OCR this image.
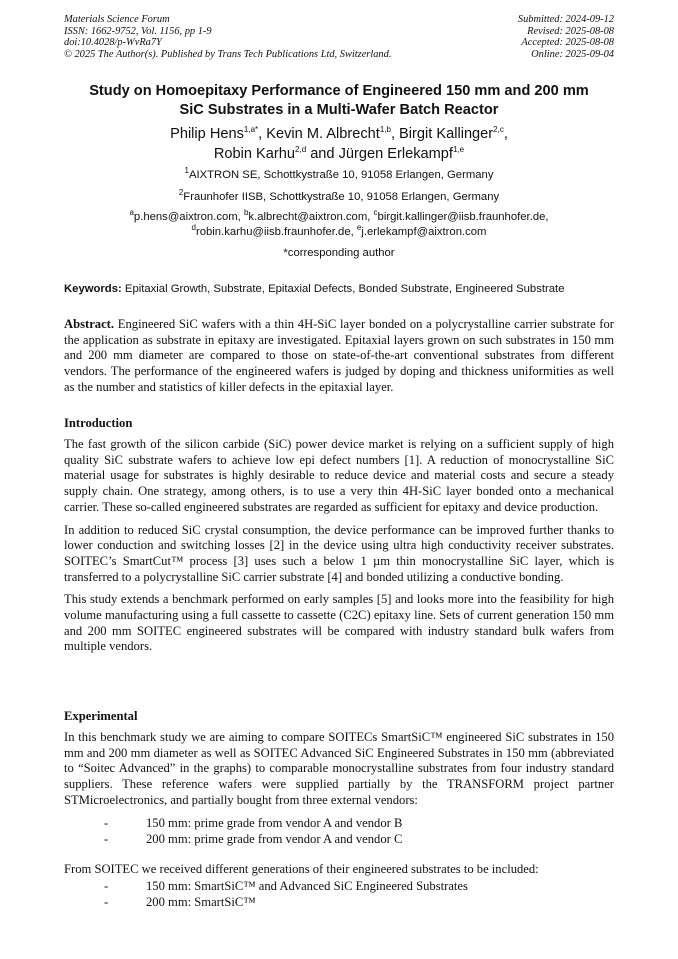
Materials Science Forum
ISSN: 1662-9752, Vol. 1156, pp 1-9
doi:10.4028/p-WvRa7Y
© 2025 The Author(s). Published by Trans Tech Publications Ltd, Switzerland.
Submitted: 2024-09-12
Revised: 2025-08-08
Accepted: 2025-08-08
Online: 2025-09-04
Study on Homoepitaxy Performance of Engineered 150 mm and 200 mm
SiC Substrates in a Multi-Wafer Batch Reactor
Philip Hens$^{1,a*}$, Kevin M. Albrecht$^{1,b}$, Birgit Kallinger$^{2,c}$,
Robin Karhu$^{2,d}$ and Jürgen Erlekampf$^{1,e}$
$^1$AIXTRON SE, Schottkystraße 10, 91058 Erlangen, Germany
$^2$Fraunhofer IISB, Schottkystraße 10, 91058 Erlangen, Germany
$^a$p.hens@aixtron.com, $^b$k.albrecht@aixtron.com, $^c$birgit.kallinger@iisb.fraunhofer.de,
$^d$robin.karhu@iisb.fraunhofer.de, $^e$j.erlekampf@aixtron.com
*corresponding author
Keywords: Epitaxial Growth, Substrate, Epitaxial Defects, Bonded Substrate, Engineered Substrate

Abstract. Engineered SiC wafers with a thin 4H-SiC layer bonded on a polycrystalline carrier substrate for the application as substrate in epitaxy are investigated. Epitaxial layers grown on such substrates in 150 mm and 200 mm diameter are compared to those on state-of-the-art conventional substrates from different vendors. The performance of the engineered wafers is judged by doping and thickness uniformities as well as the number and statistics of killer defects in the epitaxial layer.

Introduction

The fast growth of the silicon carbide (SiC) power device market is relying on a sufficient supply of high quality SiC substrate wafers to achieve low epi defect numbers [1]. A reduction of monocrystalline SiC material usage for substrates is highly desirable to reduce device and material costs and secure a steady supply chain. One strategy, among others, is to use a very thin 4H-SiC layer bonded onto a mechanical carrier. These so-called engineered substrates are regarded as sufficient for epitaxy and device production.

In addition to reduced SiC crystal consumption, the device performance can be improved further thanks to lower conduction and switching losses [2] in the device using ultra high conductivity receiver substrates. SOITEC’s SmartCut™ process [3] uses such a below 1 µm thin monocrystalline SiC layer, which is transferred to a polycrystalline SiC carrier substrate [4] and bonded utilizing a conductive bonding.

This study extends a benchmark performed on early samples [5] and looks more into the feasibility for high volume manufacturing using a full cassette to cassette (C2C) epitaxy line. Sets of current generation 150 mm and 200 mm SOITEC engineered substrates will be compared with industry standard bulk wafers from multiple vendors.

Experimental

In this benchmark study we are aiming to compare SOITECs SmartSiC™ engineered SiC substrates in 150 mm and 200 mm diameter as well as SOITEC Advanced SiC Engineered Substrates in 150 mm (abbreviated to “Soitec Advanced” in the graphs) to comparable monocrystalline substrates from four industry standard suppliers. These reference wafers were supplied partially by the TRANSFORM project partner STMicroelectronics, and partially bought from three external vendors:

-	150 mm: prime grade from vendor A and vendor B
-	200 mm: prime grade from vendor A and vendor C

From SOITEC we received different generations of their engineered substrates to be included:

-	150 mm: SmartSiC™ and Advanced SiC Engineered Substrates
-	200 mm: SmartSiC™
